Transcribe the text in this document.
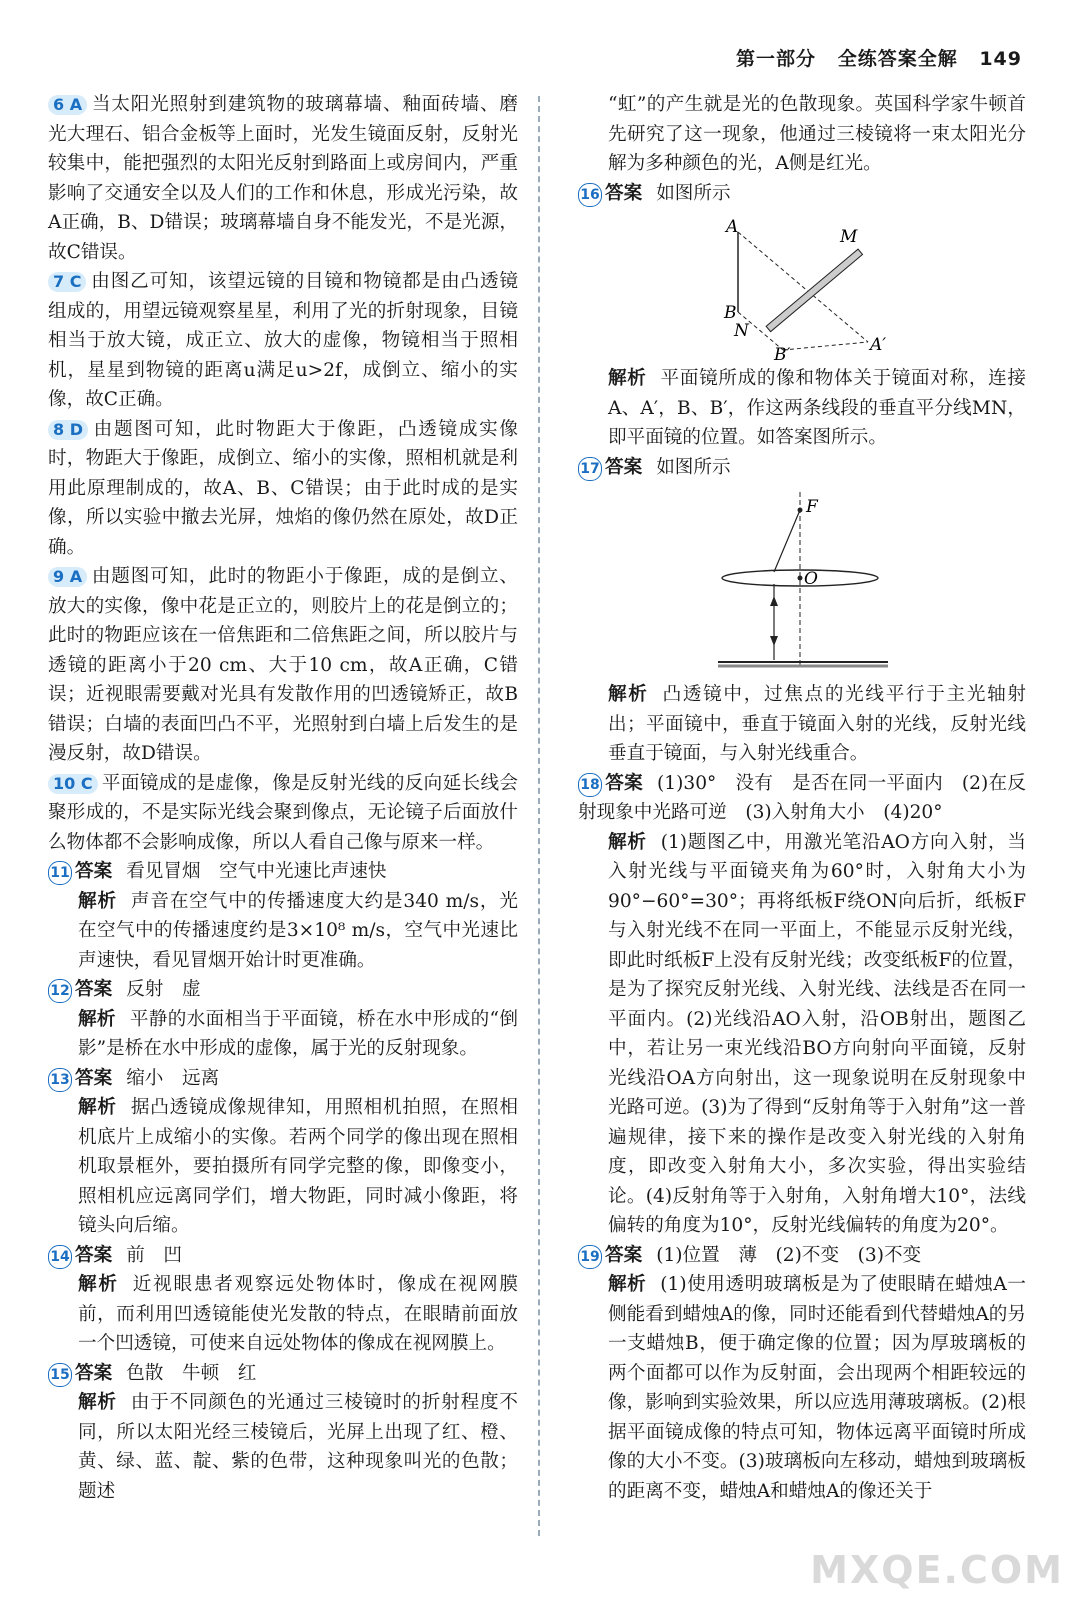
第一部分 全练答案全解 149
6 A 当太阳光照射到建筑物的玻璃幕墙、釉面砖墙、磨光大理石、铝合金板等上面时，光发生镜面反射，反射光较集中，能把强烈的太阳光反射到路面上或房间内，严重影响了交通安全以及人们的工作和休息，形成光污染，故A正确，B、D错误；玻璃幕墙自身不能发光，不是光源，故C错误。
7 C 由图乙可知，该望远镜的目镜和物镜都是由凸透镜组成的，用望远镜观察星星，利用了光的折射现象，目镜相当于放大镜，成正立、放大的虚像，物镜相当于照相机，星星到物镜的距离u满足u>2f，成倒立、缩小的实像，故C正确。
8 D 由题图可知，此时物距大于像距，凸透镜成实像时，物距大于像距，成倒立、缩小的实像，照相机就是利用此原理制成的，故A、B、C错误；由于此时成的是实像，所以实验中撤去光屏，烛焰的像仍然在原处，故D正确。
9 A 由题图可知，此时的物距小于像距，成的是倒立、放大的实像，像中花是正立的，则胶片上的花是倒立的；此时的物距应该在一倍焦距和二倍焦距之间，所以胶片与透镜的距离小于20 cm、大于10 cm，故A正确，C错误；近视眼需要戴对光具有发散作用的凹透镜矫正，故B错误；白墙的表面凹凸不平，光照射到白墙上后发生的是漫反射，故D错误。
10 C 平面镜成的是虚像，像是反射光线的反向延长线会聚形成的，不是实际光线会聚到像点，无论镜子后面放什么物体都不会影响成像，所以人看自己像与原来一样。

11 答案 看见冒烟　空气中光速比声速快

解析 声音在空气中的传播速度大约是340 m/s，光在空气中的传播速度约是3×10⁸ m/s，空气中光速比声速快，看见冒烟开始计时更准确。

12 答案 反射　虚

解析 平静的水面相当于平面镜，桥在水中形成的“倒影”是桥在水中形成的虚像，属于光的反射现象。

13 答案 缩小　远离

解析 据凸透镜成像规律知，用照相机拍照，在照相机底片上成缩小的实像。若两个同学的像出现在照相机取景框外，要拍摄所有同学完整的像，即像变小，照相机应远离同学们，增大物距，同时减小像距，将镜头向后缩。

14 答案 前　凹

解析 近视眼患者观察远处物体时，像成在视网膜前，而利用凹透镜能使光发散的特点，在眼睛前面放一个凹透镜，可使来自远处物体的像成在视网膜上。

15 答案 色散　牛顿　红

解析 由于不同颜色的光通过三棱镜时的折射程度不同，所以太阳光经三棱镜后，光屏上出现了红、橙、黄、绿、蓝、靛、紫的色带，这种现象叫光的色散；题述

“虹”的产生就是光的色散现象。英国科学家牛顿首先研究了这一现象，他通过三棱镜将一束太阳光分解为多种颜色的光，A侧是红光。

16 答案 如图所示

A	M
B
N
B′	A′

解析 平面镜所成的像和物体关于镜面对称，连接A、A′，B、B′，作这两条线段的垂直平分线MN，即平面镜的位置。如答案图所示。

17 答案 如图所示

F
O

解析 凸透镜中，过焦点的光线平行于主光轴射出；平面镜中，垂直于镜面入射的光线，反射光线垂直于镜面，与入射光线重合。

18 答案 (1)30°　没有　是否在同一平面内　(2)在反射现象中光路可逆　(3)入射角大小　(4)20°

解析 (1)题图乙中，用激光笔沿AO方向入射，当入射光线与平面镜夹角为60°时，入射角大小为90°−60°=30°；再将纸板F绕ON向后折，纸板F与入射光线不在同一平面上，不能显示反射光线，即此时纸板F上没有反射光线；改变纸板F的位置，是为了探究反射光线、入射光线、法线是否在同一平面内。(2)光线沿AO入射，沿OB射出，题图乙中，若让另一束光线沿BO方向射向平面镜，反射光线沿OA方向射出，这一现象说明在反射现象中光路可逆。(3)为了得到“反射角等于入射角”这一普遍规律，接下来的操作是改变入射光线的入射角度，即改变入射角大小，多次实验，得出实验结论。(4)反射角等于入射角，入射角增大10°，法线偏转的角度为10°，反射光线偏转的角度为20°。

19 答案 (1)位置　薄　(2)不变　(3)不变

解析 (1)使用透明玻璃板是为了使眼睛在蜡烛A一侧能看到蜡烛A的像，同时还能看到代替蜡烛A的另一支蜡烛B，便于确定像的位置；因为厚玻璃板的两个面都可以作为反射面，会出现两个相距较远的像，影响到实验效果，所以应选用薄玻璃板。(2)根据平面镜成像的特点可知，物体远离平面镜时所成像的大小不变。(3)玻璃板向左移动，蜡烛到玻璃板的距离不变，蜡烛A和蜡烛A的像还关于

MXQE.COM
